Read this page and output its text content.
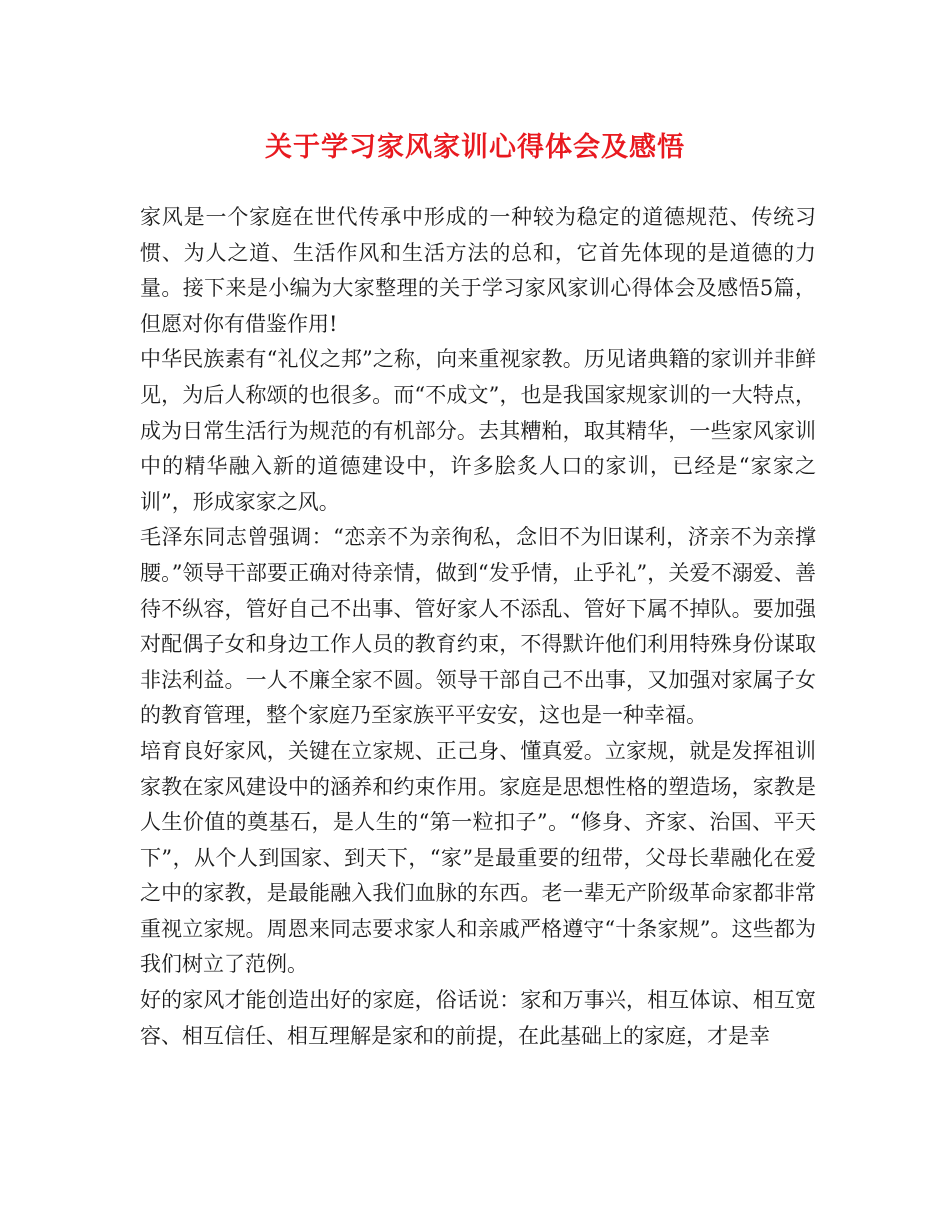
关于学习家风家训心得体会及感悟

家风是一个家庭在世代传承中形成的一种较为稳定的道德规范、传统习惯、为人之道、生活作风和生活方法的总和，它首先体现的是道德的力量。接下来是小编为大家整理的关于学习家风家训心得体会及感悟5篇，但愿对你有借鉴作用!

中华民族素有“礼仪之邦”之称，向来重视家教。历见诸典籍的家训并非鲜见，为后人称颂的也很多。而“不成文”，也是我国家规家训的一大特点，成为日常生活行为规范的有机部分。去其糟粕，取其精华，一些家风家训中的精华融入新的道德建设中，许多脍炙人口的家训，已经是“家家之训”，形成家家之风。

毛泽东同志曾强调：“恋亲不为亲徇私，念旧不为旧谋利，济亲不为亲撑腰。”领导干部要正确对待亲情，做到“发乎情，止乎礼”，关爱不溺爱、善待不纵容，管好自己不出事、管好家人不添乱、管好下属不掉队。要加强对配偶子女和身边工作人员的教育约束，不得默许他们利用特殊身份谋取非法利益。一人不廉全家不圆。领导干部自己不出事，又加强对家属子女的教育管理，整个家庭乃至家族平平安安，这也是一种幸福。

培育良好家风，关键在立家规、正己身、懂真爱。立家规，就是发挥祖训家教在家风建设中的涵养和约束作用。家庭是思想性格的塑造场，家教是人生价值的奠基石，是人生的“第一粒扣子”。“修身、齐家、治国、平天下”，从个人到国家、到天下，“家”是最重要的纽带，父母长辈融化在爱之中的家教，是最能融入我们血脉的东西。老一辈无产阶级革命家都非常重视立家规。周恩来同志要求家人和亲戚严格遵守“十条家规”。这些都为我们树立了范例。

好的家风才能创造出好的家庭，俗话说：家和万事兴，相互体谅、相互宽容、相互信任、相互理解是家和的前提，在此基础上的家庭，才是幸
